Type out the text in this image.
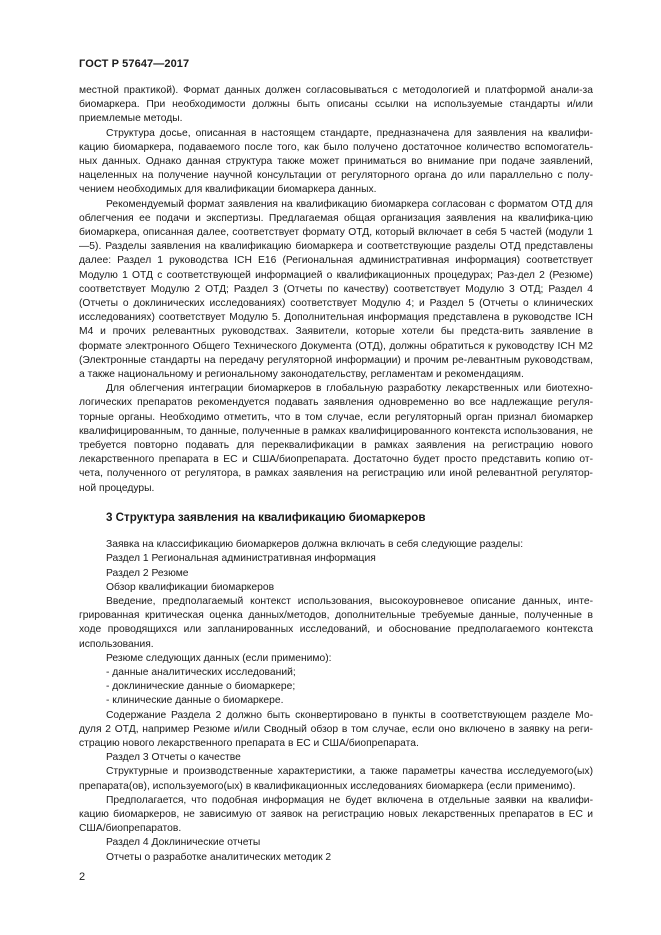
ГОСТ Р 57647—2017

местной практикой). Формат данных должен согласовываться с методологией и платформой анали-за биомаркера. При необходимости должны быть описаны ссылки на используемые стандарты и/или приемлемые методы.

Структура досье, описанная в настоящем стандарте, предназначена для заявления на квалифи-кацию биомаркера, подаваемого после того, как было получено достаточное количество вспомогатель-ных данных. Однако данная структура также может приниматься во внимание при подаче заявлений, нацеленных на получение научной консультации от регуляторного органа до или параллельно с полу-чением необходимых для квалификации биомаркера данных.

Рекомендуемый формат заявления на квалификацию биомаркера согласован с форматом ОТД для облегчения ее подачи и экспертизы. Предлагаемая общая организация заявления на квалифика-цию биомаркера, описанная далее, соответствует формату ОТД, который включает в себя 5 частей (модули 1—5). Разделы заявления на квалификацию биомаркера и соответствующие разделы ОТД представлены далее: Раздел 1 руководства ICH E16 (Региональная административная информация) соответствует Модулю 1 ОТД с соответствующей информацией о квалификационных процедурах; Раз-дел 2 (Резюме) соответствует Модулю 2 ОТД; Раздел 3 (Отчеты по качеству) соответствует Модулю 3 ОТД; Раздел 4 (Отчеты о доклинических исследованиях) соответствует Модулю 4; и Раздел 5 (Отчеты о клинических исследованиях) соответствует Модулю 5. Дополнительная информация представлена в руководстве ICH M4 и прочих релевантных руководствах. Заявители, которые хотели бы предста-вить заявление в формате электронного Общего Технического Документа (ОТД), должны обратиться к руководству ICH M2 (Электронные стандарты на передачу регуляторной информации) и прочим ре-левантным руководствам, а также национальному и региональному законодательству, регламентам и рекомендациям.

Для облегчения интеграции биомаркеров в глобальную разработку лекарственных или биотехно-логических препаратов рекомендуется подавать заявления одновременно во все надлежащие регуля-торные органы. Необходимо отметить, что в том случае, если регуляторный орган признал биомаркер квалифицированным, то данные, полученные в рамках квалифицированного контекста использования, не требуется повторно подавать для переквалификации в рамках заявления на регистрацию нового лекарственного препарата в ЕС и США/биопрепарата. Достаточно будет просто представить копию от-чета, полученного от регулятора, в рамках заявления на регистрацию или иной релевантной регулятор-ной процедуры.

3 Структура заявления на квалификацию биомаркеров

Заявка на классификацию биомаркеров должна включать в себя следующие разделы:

Раздел 1 Региональная административная информация

Раздел 2 Резюме

Обзор квалификации биомаркеров

Введение, предполагаемый контекст использования, высокоуровневое описание данных, инте-грированная критическая оценка данных/методов, дополнительные требуемые данные, полученные в ходе проводящихся или запланированных исследований, и обоснование предполагаемого контекста использования.

Резюме следующих данных (если применимо):

- данные аналитических исследований;

- доклинические данные о биомаркере;

- клинические данные о биомаркере.

Содержание Раздела 2 должно быть сконвертировано в пункты в соответствующем разделе Мо-дуля 2 ОТД, например Резюме и/или Сводный обзор в том случае, если оно включено в заявку на реги-страцию нового лекарственного препарата в ЕС и США/биопрепарата.

Раздел 3 Отчеты о качестве

Структурные и производственные характеристики, а также параметры качества исследуемого(ых) препарата(ов), используемого(ых) в квалификационных исследованиях биомаркера (если применимо).

Предполагается, что подобная информация не будет включена в отдельные заявки на квалифи-кацию биомаркеров, не зависимую от заявок на регистрацию новых лекарственных препаратов в ЕС и США/биопрепаратов.

Раздел 4 Доклинические отчеты

Отчеты о разработке аналитических методик 2

2
